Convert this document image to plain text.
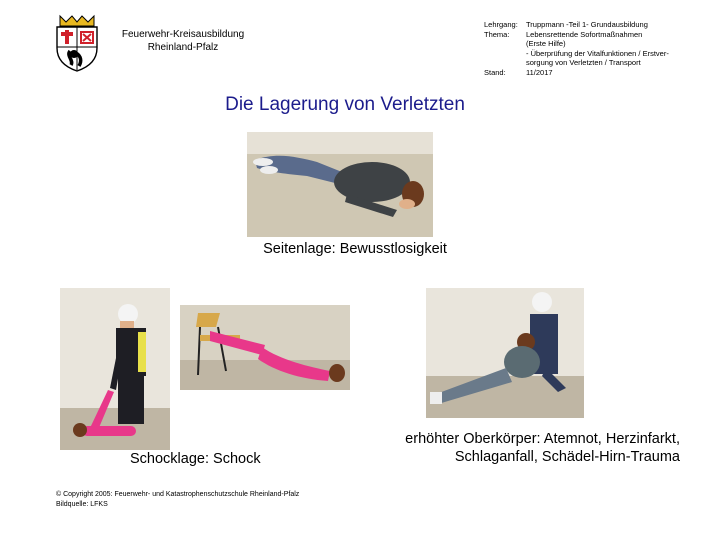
Feuerwehr-Kreisausbildung
Rheinland-Pfalz
Lehrgang:	Truppmann -Teil 1- Grundausbildung
Thema:	Lebensrettende Sofortmaßnahmen
(Erste Hilfe)
- Überprüfung der Vitalfunktionen / Erstver-
sorgung von Verletzten / Transport
Stand:	11/2017
Die Lagerung von Verletzten
Seitenlage: Bewusstlosigkeit
Schocklage: Schock
erhöhter Oberkörper: Atemnot, Herzinfarkt,
Schlaganfall, Schädel-Hirn-Trauma
© Copyright 2005: Feuerwehr- und Katastrophenschutzschule Rheinland-Pfalz
Bildquelle: LFKS
